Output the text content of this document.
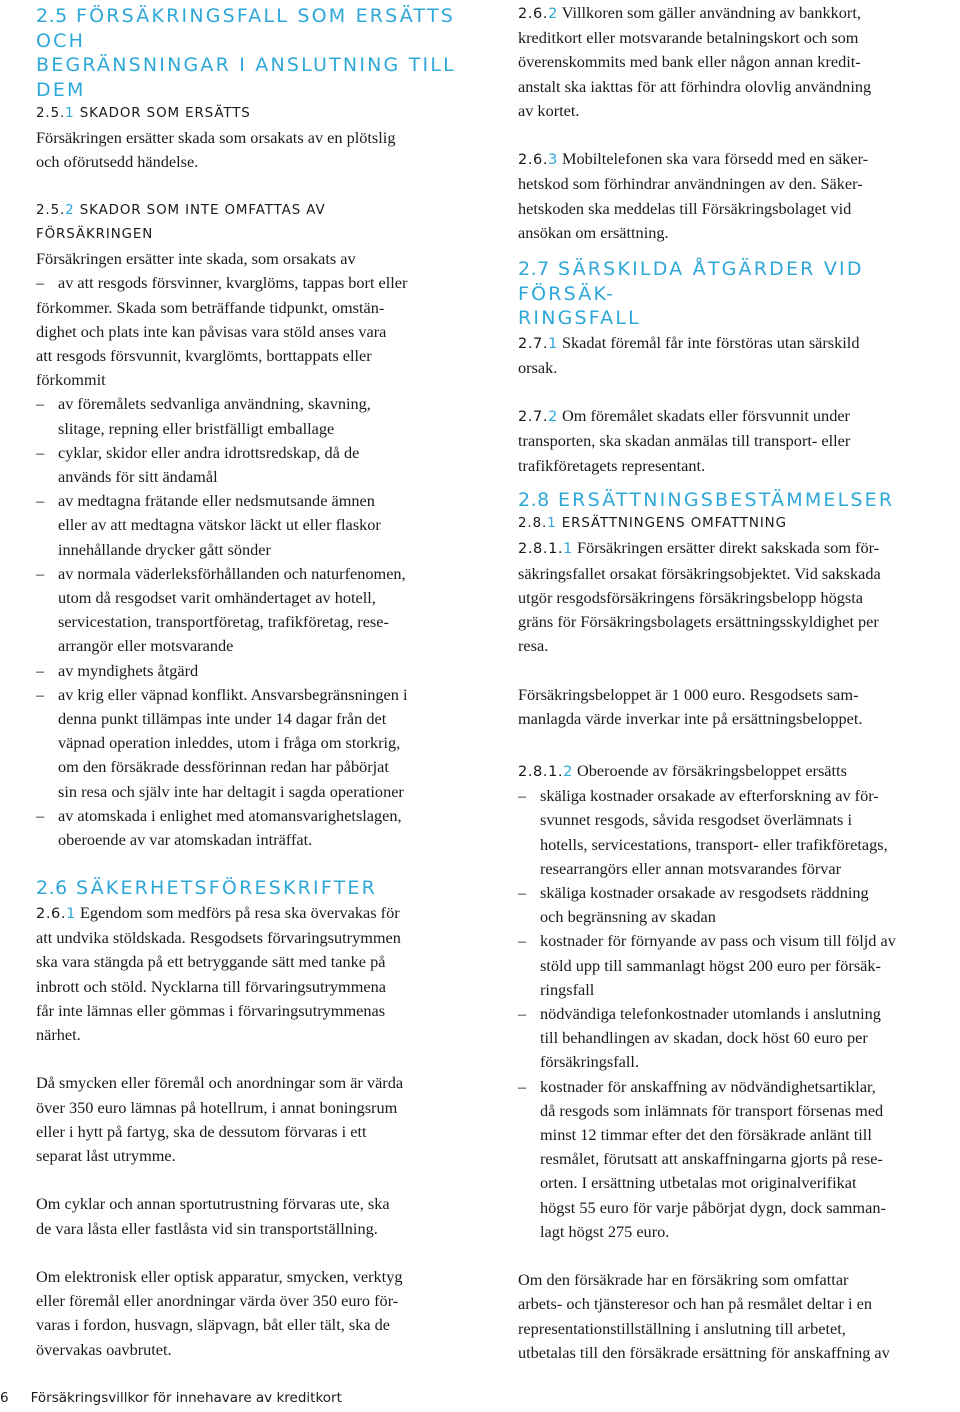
2.5 FÖRSÄKRINGSFALL SOM ERSÄTTS OCH
BEGRÄNSNINGAR I ANSLUTNING TILL DEM
2.5.1 SKADOR SOM ERSÄTTS

Försäkringen ersätter skada som orsakats av en plötslig

och oförutsedd händelse.

2.5.2 SKADOR SOM INTE OMFATTAS AV
FÖRSÄKRINGEN

Försäkringen ersätter inte skada, som orsakats av

– av att resgods försvinner, kvarglöms, tappas bort eller

förkommer. Skada som beträffande tidpunkt, omstän-

dighet och plats inte kan påvisas vara stöld anses vara

att resgods försvunnit, kvarglömts, borttappats eller

förkommit

– av föremålets sedvanliga användning, skavning,

slitage, repning eller bristfälligt emballage

– cyklar, skidor eller andra idrottsredskap, då de

används för sitt ändamål

– av medtagna frätande eller nedsmutsande ämnen

eller av att medtagna vätskor läckt ut eller flaskor

innehållande drycker gått sönder

– av normala väderleksförhållanden och naturfenomen,

utom då resgodset varit omhändertaget av hotell,

servicestation, transportföretag, trafikföretag, rese-

arrangör eller motsvarande

– av myndighets åtgärd

– av krig eller väpnad konflikt. Ansvarsbegränsningen i

denna punkt tillämpas inte under 14 dagar från det

väpnad operation inleddes, utom i fråga om storkrig,

om den försäkrade dessförinnan redan har påbörjat

sin resa och själv inte har deltagit i sagda operationer

– av atomskada i enlighet med atomansvarighetslagen,

oberoende av var atomskadan inträffat.

2.6 SÄKERHETSFÖRESKRIFTER

2.6.1 Egendom som medförs på resa ska övervakas för

att undvika stöldskada. Resgodsets förvaringsutrymmen

ska vara stängda på ett betryggande sätt med tanke på

inbrott och stöld. Nycklarna till förvaringsutrymmena

får inte lämnas eller gömmas i förvaringsutrymmenas

närhet.

Då smycken eller föremål och anordningar som är värda

över 350 euro lämnas på hotellrum, i annat boningsrum

eller i hytt på fartyg, ska de dessutom förvaras i ett

separat låst utrymme.

Om cyklar och annan sportutrustning förvaras ute, ska

de vara låsta eller fastlåsta vid sin transportställning.

Om elektronisk eller optisk apparatur, smycken, verktyg

eller föremål eller anordningar värda över 350 euro för-

varas i fordon, husvagn, släpvagn, båt eller tält, ska de

övervakas oavbrutet.

2.6.2 Villkoren som gäller användning av bankkort,

kreditkort eller motsvarande betalningskort och som

överenskommits med bank eller någon annan kredit-

anstalt ska iakttas för att förhindra olovlig användning

av kortet.

2.6.3 Mobiltelefonen ska vara försedd med en säker-

hetskod som förhindrar användningen av den. Säker-

hetskoden ska meddelas till Försäkringsbolaget vid

ansökan om ersättning.

2.7 SÄRSKILDA ÅTGÄRDER VID FÖRSÄK-
RINGSFALL

2.7.1 Skadat föremål får inte förstöras utan särskild

orsak.

2.7.2 Om föremålet skadats eller försvunnit under

transporten, ska skadan anmälas till transport- eller

trafikföretagets representant.

2.8 ERSÄTTNINGSBESTÄMMELSER
2.8.1 ERSÄTTNINGENS OMFATTNING

2.8.1.1 Försäkringen ersätter direkt sakskada som för-

säkringsfallet orsakat försäkringsobjektet. Vid sakskada

utgör resgodsförsäkringens försäkringsbelopp högsta

gräns för Försäkringsbolagets ersättningsskyldighet per

resa.

Försäkringsbeloppet är 1 000 euro. Resgodsets sam-

manlagda värde inverkar inte på ersättningsbeloppet.

2.8.1.2 Oberoende av försäkringsbeloppet ersätts

– skäliga kostnader orsakade av efterforskning av för-

svunnet resgods, såvida resgodset överlämnats i

hotells, servicestations, transport- eller trafikföretags,

researrangörs eller annan motsvarandes förvar

– skäliga kostnader orsakade av resgodsets räddning

och begränsning av skadan

– kostnader för förnyande av pass och visum till följd av

stöld upp till sammanlagt högst 200 euro per försäk-

ringsfall

– nödvändiga telefonkostnader utomlands i anslutning

till behandlingen av skadan, dock höst 60 euro per

försäkringsfall.

– kostnader för anskaffning av nödvändighetsartiklar,

då resgods som inlämnats för transport försenas med

minst 12 timmar efter det den försäkrade anlänt till

resmålet, förutsatt att anskaffningarna gjorts på rese-

orten. I ersättning utbetalas mot originalverifikat

högst 55 euro för varje påbörjat dygn, dock samman-

lagt högst 275 euro.

Om den försäkrade har en försäkring som omfattar

arbets- och tjänsteresor och han på resmålet deltar i en

representationstillställning i anslutning till arbetet,

utbetalas till den försäkrade ersättning för anskaffning av

6 Försäkringsvillkor för innehavare av kreditkort
